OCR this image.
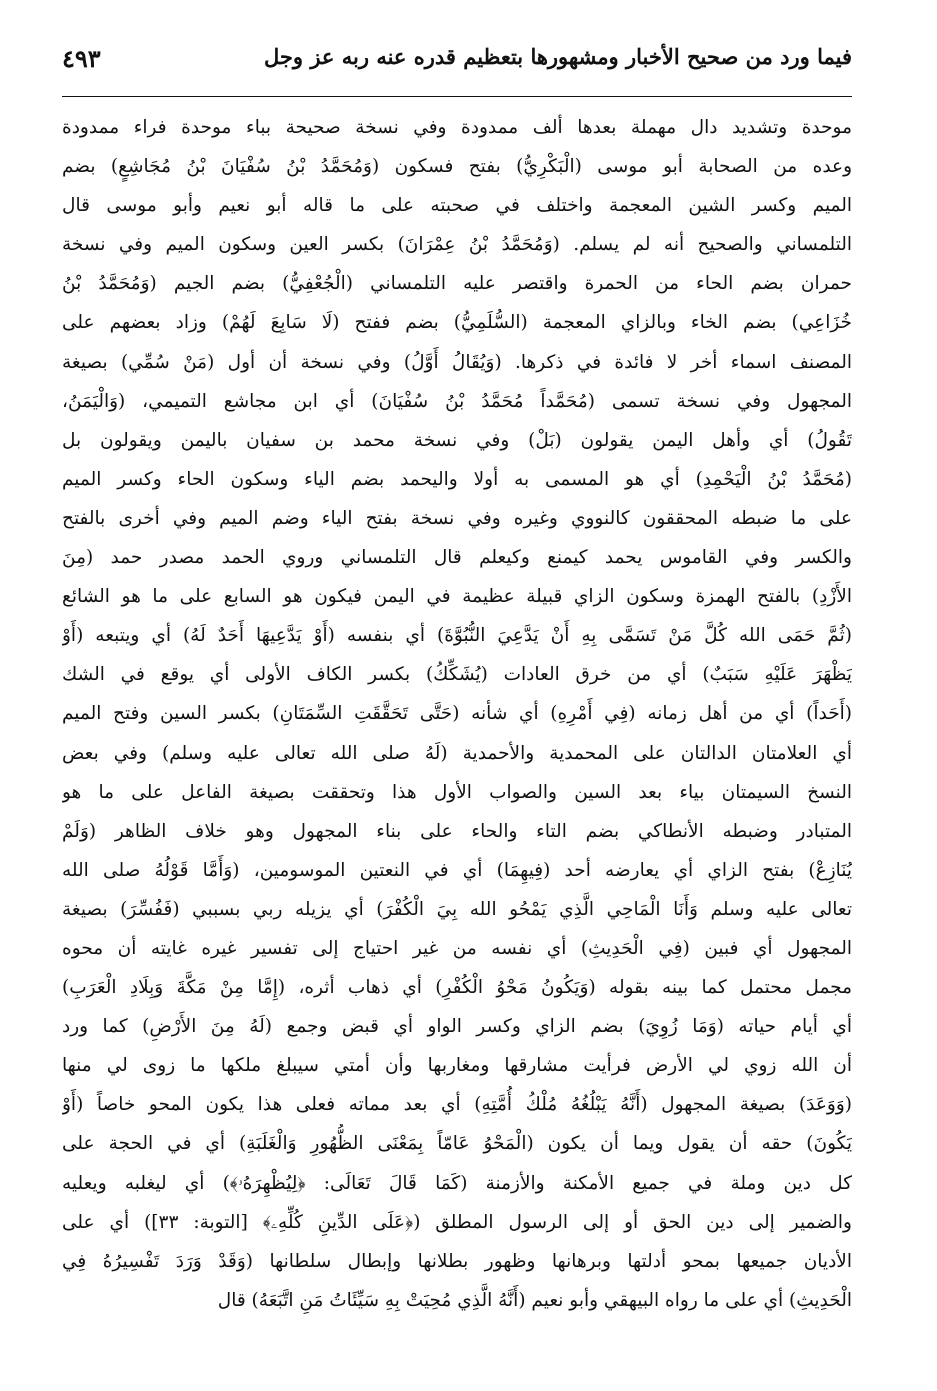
فيما ورد من صحيح الأخبار ومشهورها بتعظيم قدره عنه ربه عز وجل
٤٩٣
موحدة وتشديد دال مهملة بعدها ألف ممدودة وفي نسخة صحيحة بباء موحدة فراء ممدودة
وعده من الصحابة أبو موسى (الْبَكْرِيُّ) بفتح فسكون (وَمُحَمَّدُ بْنُ سُفْيَانَ بْنُ مُجَاشِعٍ) بضم
الميم وكسر الشين المعجمة واختلف في صحبته على ما قاله أبو نعيم وأبو موسى قال
التلمساني والصحيح أنه لم يسلم. (وَمُحَمَّدُ بْنُ عِمْرَانَ) بكسر العين وسكون الميم وفي نسخة
حمران بضم الحاء من الحمرة واقتصر عليه التلمساني (الْجُعْفِيُّ) بضم الجيم (وَمُحَمَّدُ بْنُ
خُزَاعِي) بضم الخاء وبالزاي المعجمة (السُّلَمِيُّ) بضم ففتح (لَا سَابِعَ لَهُمْ) وزاد بعضهم على
المصنف اسماء أخر لا فائدة في ذكرها. (وَيُقَالُ أَوَّلُ) وفي نسخة أن أول (مَنْ سُمِّي) بصيغة
المجهول وفي نسخة تسمى (مُحَمَّداً مُحَمَّدُ بْنُ سُفْيَانَ) أي ابن مجاشع التميمي، (وَالْيَمَنُ،
تَقُولُ) أي وأهل اليمن يقولون (بَلْ) وفي نسخة محمد بن سفيان باليمن ويقولون بل
(مُحَمَّدُ بْنُ الْيَحْمِدِ) أي هو المسمى به أولا واليحمد بضم الياء وسكون الحاء وكسر الميم
على ما ضبطه المحققون كالنووي وغيره وفي نسخة بفتح الياء وضم الميم وفي أخرى بالفتح
والكسر وفي القاموس يحمد كيمنع وكيعلم قال التلمساني وروي الحمد مصدر حمد (مِنَ
الأَزْدِ) بالفتح الهمزة وسكون الزاي قبيلة عظيمة في اليمن فيكون هو السابع على ما هو الشائع
(ثُمَّ حَمَى الله كُلَّ مَنْ تَسَمَّى بِهِ أَنْ يَدَّعِيَ النُّبُوَّةَ) أي بنفسه (أَوْ يَدَّعِيهَا أَحَدٌ لَهُ) أي ويتبعه (أَوْ
يَظْهَرَ عَلَيْهِ سَبَبٌ) أي من خرق العادات (يُشَكِّكُ) بكسر الكاف الأولى أي يوقع في الشك
(أَحَداً) أي من أهل زمانه (فِي أَمْرِهِ) أي شأنه (حَتَّى تَحَقَّقَتِ السِّمَتَانِ) بكسر السين وفتح الميم
أي العلامتان الدالتان على المحمدية والأحمدية (لَهُ صلى الله تعالى عليه وسلم) وفي بعض
النسخ السيمتان بياء بعد السين والصواب الأول هذا وتحققت بصيغة الفاعل على ما هو
المتبادر وضبطه الأنطاكي بضم التاء والحاء على بناء المجهول وهو خلاف الظاهر (وَلَمْ
يُنَازِعْ) بفتح الزاي أي يعارضه أحد (فِيهِمَا) أي في النعتين الموسومين، (وَأَمَّا قَوْلُهُ صلى الله
تعالى عليه وسلم وَأَنَا الْمَاحِي الَّذِي يَمْحُو الله بِيَ الْكُفْرَ) أي يزيله ربي بسببي (فَفُسِّرَ) بصيغة
المجهول أي فبين (فِي الْحَدِيثِ) أي نفسه من غير احتياج إلى تفسير غيره غايته أن محوه
مجمل محتمل كما بينه بقوله (وَيَكُونُ مَحْوُ الْكُفْرِ) أي ذهاب أثره، (إِمَّا مِنْ مَكَّةَ وَبِلَادِ الْعَرَبِ)
أي أيام حياته (وَمَا زُوِيَ) بضم الزاي وكسر الواو أي قبض وجمع (لَهُ مِنَ الأَرْضِ) كما ورد
أن الله زوي لي الأرض فرأيت مشارقها ومغاربها وأن أمتي سيبلغ ملكها ما زوى لي منها
(وَوَعَدَ) بصيغة المجهول (أَنَّهُ يَبْلُغُهُ مُلْكُ أُمَّتِهِ) أي بعد مماته فعلى هذا يكون المحو خاصاً (أَوْ
يَكُونَ) حقه أن يقول ويما أن يكون (الْمَحْوُ عَامّاً بِمَعْنَى الظُّهُورِ وَالْغَلَبَةِ) أي في الحجة على
كل دين وملة في جميع الأمكنة والأزمنة (كَمَا قَالَ تَعَالَى: ﴿لِيُظْهِرَهُۥ﴾) أي ليغلبه ويعليه
والضمير إلى دين الحق أو إلى الرسول المطلق (﴿عَلَى الدِّينِ كُلِّهِۦ﴾ [التوبة: ٣٣]) أي على
الأديان جميعها بمحو أدلتها وبرهانها وظهور بطلانها وإبطال سلطانها (وَقَدْ وَرَدَ تَفْسِيرُهُ فِي
الْحَدِيثِ) أي على ما رواه البيهقي وأبو نعيم (أَنَّهُ الَّذِي مُحِيَتْ بِهِ سَيِّئَاتُ مَنِ اتَّبَعَهُ) قال
